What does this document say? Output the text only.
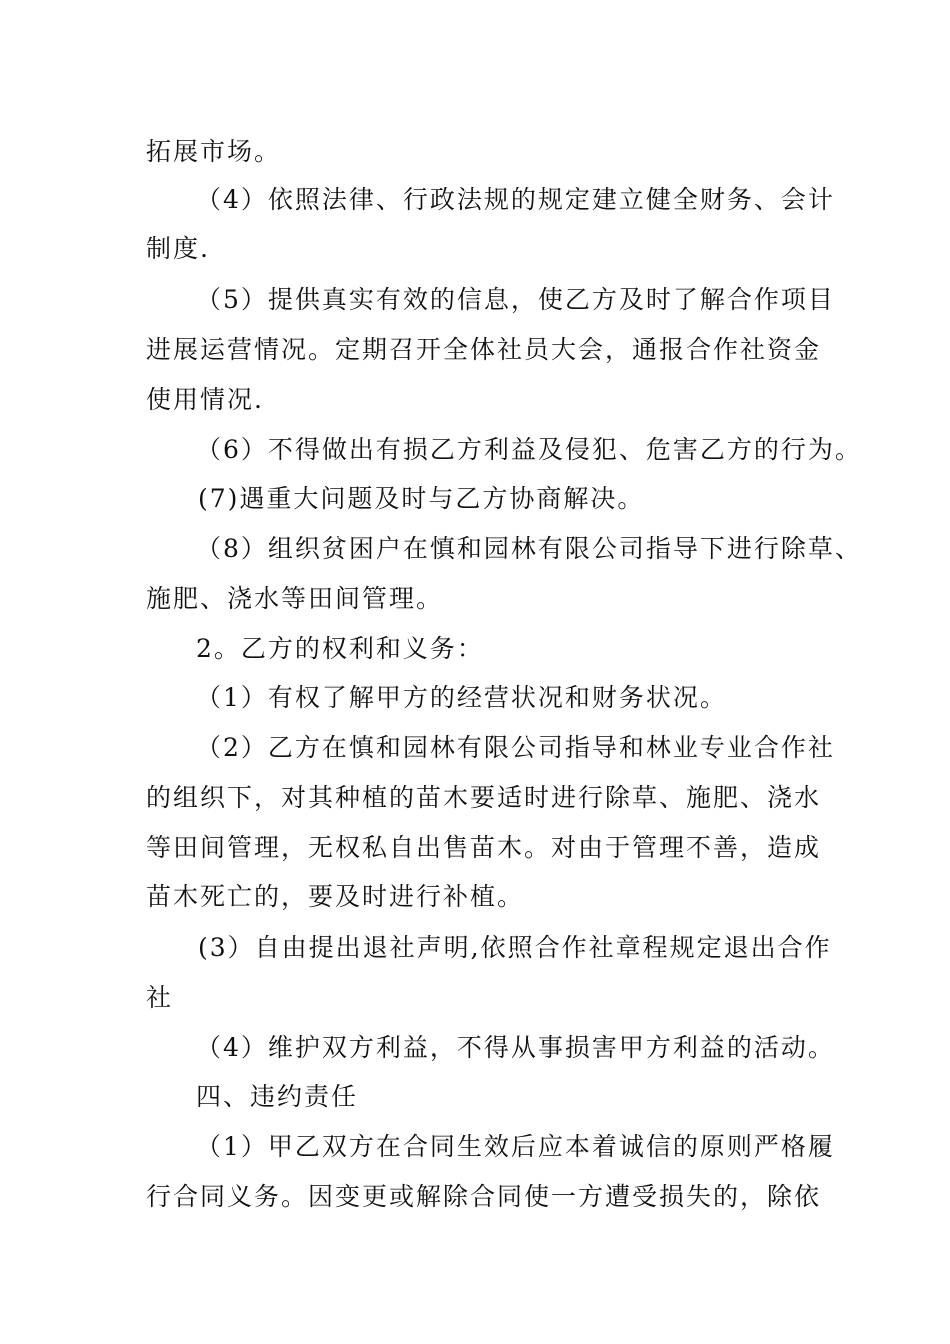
拓展市场。
（4）依照法律、行政法规的规定建立健全财务、会计
制度.
（5）提供真实有效的信息，使乙方及时了解合作项目
进展运营情况。定期召开全体社员大会，通报合作社资金
使用情况.
（6）不得做出有损乙方利益及侵犯、危害乙方的行为。
(7)遇重大问题及时与乙方协商解决。
（8）组织贫困户在慎和园林有限公司指导下进行除草、
施肥、浇水等田间管理。
2。乙方的权利和义务：
（1）有权了解甲方的经营状况和财务状况。
（2）乙方在慎和园林有限公司指导和林业专业合作社
的组织下，对其种植的苗木要适时进行除草、施肥、浇水
等田间管理，无权私自出售苗木。对由于管理不善，造成
苗木死亡的，要及时进行补植。
(3）自由提出退社声明,依照合作社章程规定退出合作
社
（4）维护双方利益，不得从事损害甲方利益的活动。
四、违约责任
（1）甲乙双方在合同生效后应本着诚信的原则严格履
行合同义务。因变更或解除合同使一方遭受损失的，除依
